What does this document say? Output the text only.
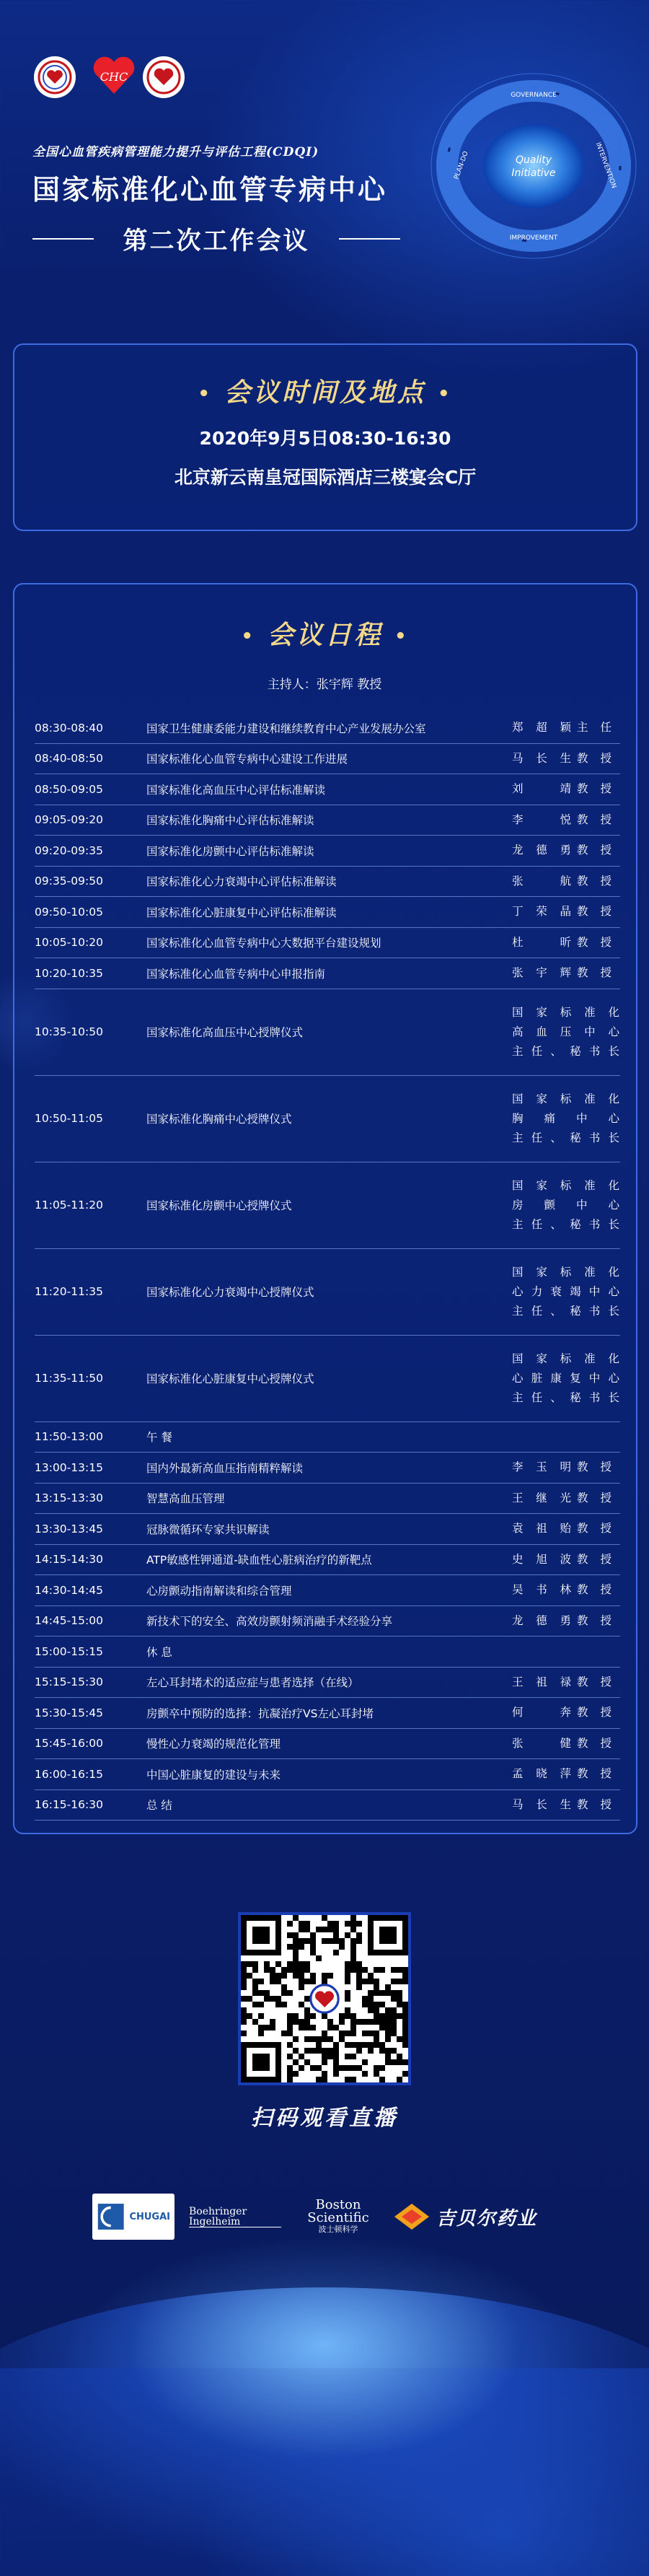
CHC
全国心血管疾病管理能力提升与评估工程(CDQI)
国家标准化心血管专病中心
第二次工作会议
Quality
Initiative
GOVERNANCE
INTERVENTION
IMPROVEMENT
PLAN-DO
• 会议时间及地点 •
2020年9月5日08:30-16:30
北京新云南皇冠国际酒店三楼宴会C厅
• 会议日程 •
主持人：张宇辉 教授
08:30-08:40	国家卫生健康委能力建设和继续教育中心产业发展办公室	郑超颖 主任
08:40-08:50	国家标准化心血管专病中心建设工作进展	马长生 教授
08:50-09:05	国家标准化高血压中心评估标准解读	刘 靖 教授
09:05-09:20	国家标准化胸痛中心评估标准解读	李 悦 教授
09:20-09:35	国家标准化房颤中心评估标准解读	龙德勇 教授
09:35-09:50	国家标准化心力衰竭中心评估标准解读	张 航 教授
09:50-10:05	国家标准化心脏康复中心评估标准解读	丁荣晶 教授
10:05-10:20	国家标准化心血管专病中心大数据平台建设规划	杜 昕 教授
10:20-10:35	国家标准化心血管专病中心申报指南	张宇辉 教授
10:35-10:50	国家标准化高血压中心授牌仪式
国家标准化
高血压中心
主任、秘书长
10:50-11:05	国家标准化胸痛中心授牌仪式
国家标准化
胸痛中心
主任、秘书长
11:05-11:20	国家标准化房颤中心授牌仪式
国家标准化
房颤中心
主任、秘书长
11:20-11:35	国家标准化心力衰竭中心授牌仪式
国家标准化
心力衰竭中心
主任、秘书长
11:35-11:50	国家标准化心脏康复中心授牌仪式
国家标准化
心脏康复中心
主任、秘书长
11:50-13:00	午 餐
13:00-13:15	国内外最新高血压指南精粹解读	李玉明 教授
13:15-13:30	智慧高血压管理	王继光 教授
13:30-13:45	冠脉微循环专家共识解读	袁祖贻 教授
14:15-14:30	ATP敏感性钾通道-缺血性心脏病治疗的新靶点	史旭波 教授
14:30-14:45	心房颤动指南解读和综合管理	吴书林 教授
14:45-15:00	新技术下的安全、高效房颤射频消融手术经验分享	龙德勇 教授
15:00-15:15	休 息
15:15-15:30	左心耳封堵术的适应症与患者选择（在线）	王祖禄 教授
15:30-15:45	房颤卒中预防的选择：抗凝治疗VS左心耳封堵	何 奔 教授
15:45-16:00	慢性心力衰竭的规范化管理	张 健 教授
16:00-16:15	中国心脏康复的建设与未来	孟晓萍 教授
16:15-16:30	总 结	马长生 教授
扫码观看直播
CHUGAI Boehringer Ingelheim
Boston
Scientific
波士顿科学	吉贝尔药业
